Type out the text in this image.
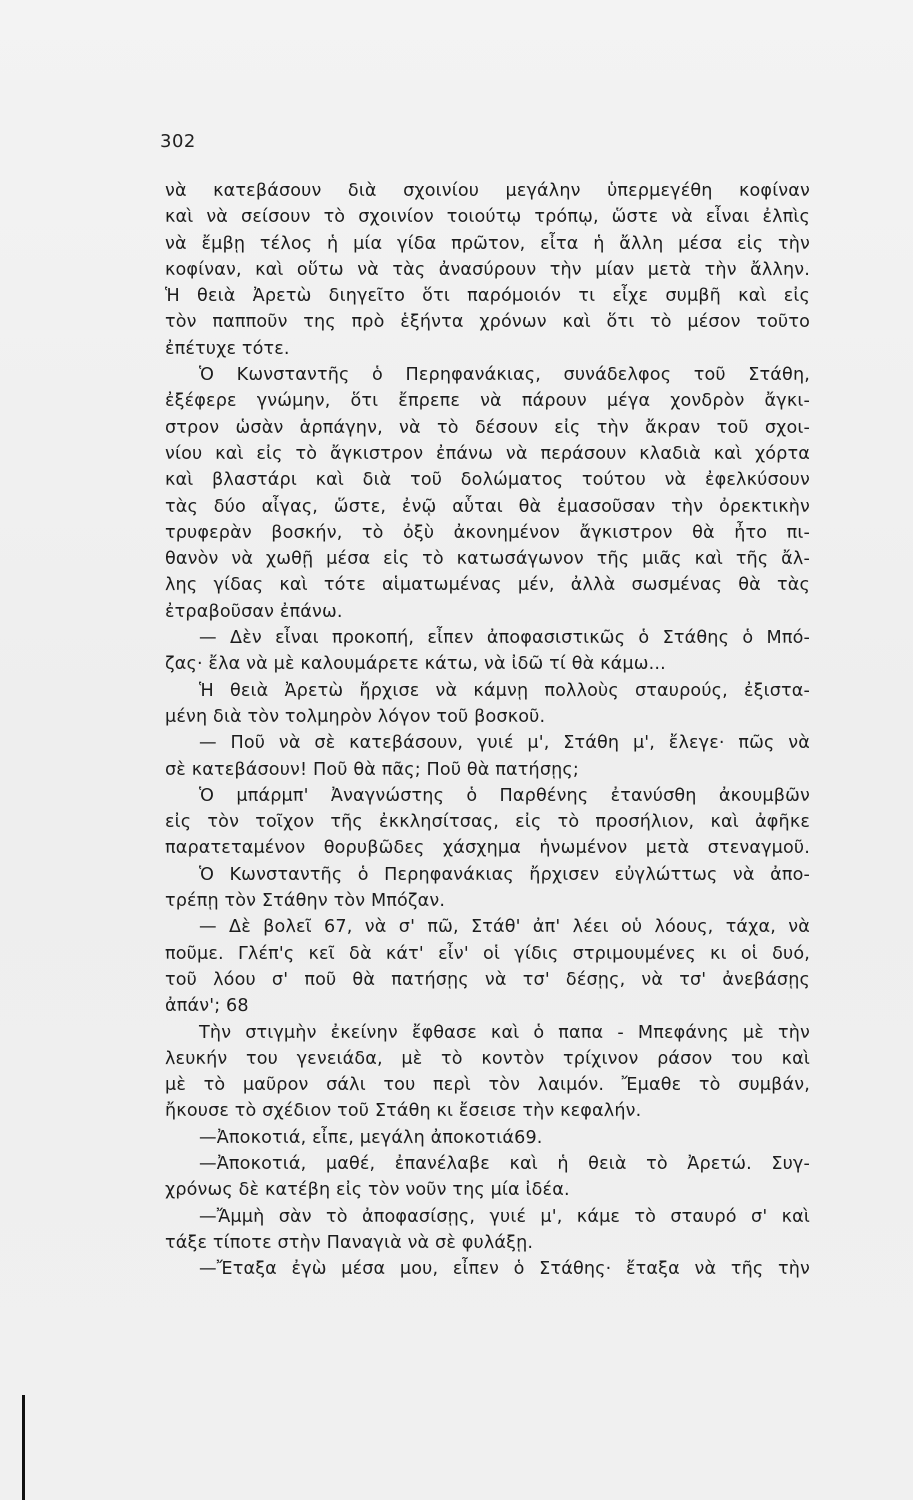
302
νὰ κατεβάσουν διὰ σχοινίου μεγάλην ὑπερμεγέθη κοφίναν
καὶ νὰ σείσουν τὸ σχοινίον τοιούτῳ τρόπῳ, ὥστε νὰ εἶναι ἐλπὶς
νὰ ἔμβῃ τέλος ἡ μία γίδα πρῶτον, εἶτα ἡ ἄλλη μέσα εἰς τὴν
κοφίναν, καὶ οὕτω νὰ τὰς ἀνασύρουν τὴν μίαν μετὰ τὴν ἄλλην.
Ἡ θειὰ Ἀρετὼ διηγεῖτο ὅτι παρόμοιόν τι εἶχε συμβῆ καὶ εἰς
τὸν παπποῦν της πρὸ ἑξήντα χρόνων καὶ ὅτι τὸ μέσον τοῦτο
ἐπέτυχε τότε.
Ὁ Κωνσταντῆς ὁ Περηφανάκιας, συνάδελφος τοῦ Στάθη,
ἐξέφερε γνώμην, ὅτι ἔπρεπε νὰ πάρουν μέγα χονδρὸν ἄγκι-
στρον ὡσὰν ἁρπάγην, νὰ τὸ δέσουν εἰς τὴν ἄκραν τοῦ σχοι-
νίου καὶ εἰς τὸ ἄγκιστρον ἐπάνω νὰ περάσουν κλαδιὰ καὶ χόρτα
καὶ βλαστάρι καὶ διὰ τοῦ δολώματος τούτου νὰ ἐφελκύσουν
τὰς δύο αἶγας, ὥστε, ἐνῷ αὗται θὰ ἐμασοῦσαν τὴν ὀρεκτικὴν
τρυφερὰν βοσκήν, τὸ ὀξὺ ἀκονημένον ἄγκιστρον θὰ ἦτο πι-
θανὸν νὰ χωθῇ μέσα εἰς τὸ κατωσάγωνον τῆς μιᾶς καὶ τῆς ἄλ-
λης γίδας καὶ τότε αἱματωμένας μέν, ἀλλὰ σωσμένας θὰ τὰς
ἐτραβοῦσαν ἐπάνω.
— Δὲν εἶναι προκοπή, εἶπεν ἀποφασιστικῶς ὁ Στάθης ὁ Μπό-
ζας· ἔλα νὰ μὲ καλουμάρετε κάτω, νὰ ἰδῶ τί θὰ κάμω...
Ἡ θειὰ Ἀρετὼ ἤρχισε νὰ κάμνῃ πολλοὺς σταυρούς, ἐξιστα-
μένη διὰ τὸν τολμηρὸν λόγον τοῦ βοσκοῦ.
— Ποῦ νὰ σὲ κατεβάσουν, γυιέ μ', Στάθη μ', ἔλεγε· πῶς νὰ
σὲ κατεβάσουν! Ποῦ θὰ πᾶς; Ποῦ θὰ πατήσῃς;
Ὁ μπάρμπ' Ἀναγνώστης ὁ Παρθένης ἐτανύσθη ἀκουμβῶν
εἰς τὸν τοῖχον τῆς ἐκκλησίτσας, εἰς τὸ προσήλιον, καὶ ἀφῆκε
παρατεταμένον θορυβῶδες χάσχημα ἡνωμένον μετὰ στεναγμοῦ.
Ὁ Κωνσταντῆς ὁ Περηφανάκιας ἤρχισεν εὐγλώττως νὰ ἀπο-
τρέπῃ τὸν Στάθην τὸν Μπόζαν.
— Δὲ βολεῖ 67, νὰ σ' πῶ, Στάθ' ἀπ' λέει οὑ λόους, τάχα, νὰ
ποῦμε. Γλέπ'ς κεῖ δὰ κάτ' εἶν' οἱ γίδις στριμουμένες κι οἱ δυό,
τοῦ λόου σ' ποῦ θὰ πατήσῃς νὰ τσ' δέσῃς, νὰ τσ' ἀνεβάσῃς
ἀπάν'; 68
Τὴν στιγμὴν ἐκείνην ἔφθασε καὶ ὁ παπα - Μπεφάνης μὲ τὴν
λευκήν του γενειάδα, μὲ τὸ κοντὸν τρίχινον ράσον του καὶ
μὲ τὸ μαῦρον σάλι του περὶ τὸν λαιμόν. Ἔμαθε τὸ συμβάν,
ἤκουσε τὸ σχέδιον τοῦ Στάθη κι ἔσεισε τὴν κεφαλήν.
—Ἀποκοτιά, εἶπε, μεγάλη ἀποκοτιά69.
—Ἀποκοτιά, μαθέ, ἐπανέλαβε καὶ ἡ θειὰ τὸ Ἀρετώ. Συγ-
χρόνως δὲ κατέβη εἰς τὸν νοῦν της μία ἰδέα.
—Ἄμμὴ σὰν τὸ ἀποφασίσῃς, γυιέ μ', κάμε τὸ σταυρό σ' καὶ
τάξε τίποτε στὴν Παναγιὰ νὰ σὲ φυλάξῃ.
—Ἔταξα ἐγὼ μέσα μου, εἶπεν ὁ Στάθης· ἔταξα νὰ τῆς τὴν
